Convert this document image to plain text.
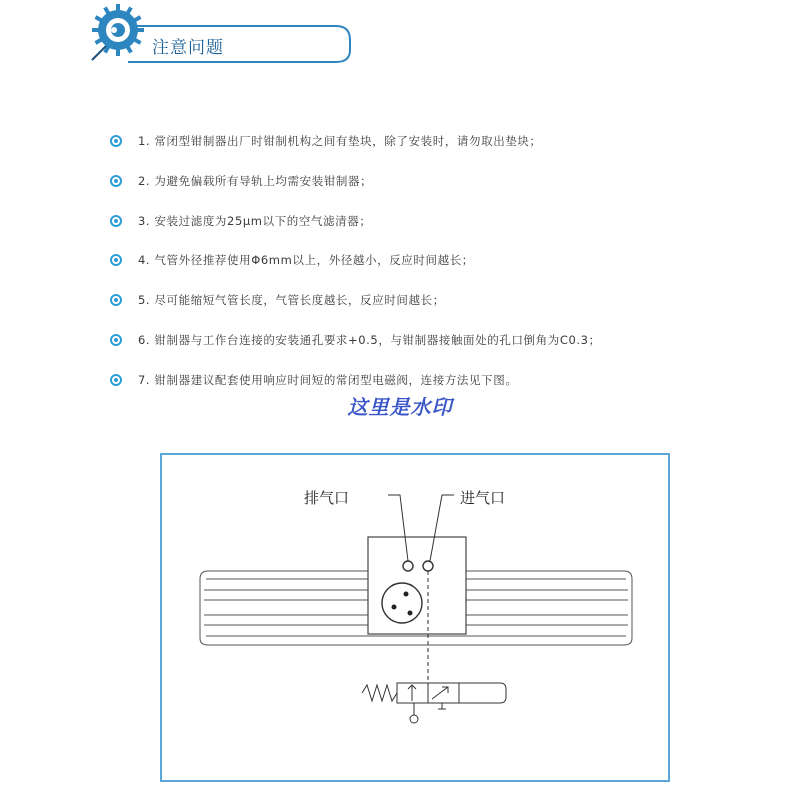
注意问题
1. 常闭型钳制器出厂时钳制机构之间有垫块，除了安装时，请勿取出垫块；
2. 为避免偏载所有导轨上均需安装钳制器；
3. 安装过滤度为25μm以下的空气滤清器；
4. 气管外径推荐使用Φ6mm以上，外径越小，反应时间越长；
5. 尽可能缩短气管长度，气管长度越长，反应时间越长；
6. 钳制器与工作台连接的安装通孔要求+0.5，与钳制器接触面处的孔口倒角为C0.3；
7. 钳制器建议配套使用响应时间短的常闭型电磁阀，连接方法见下图。
这里是水印
排气口	进气口
